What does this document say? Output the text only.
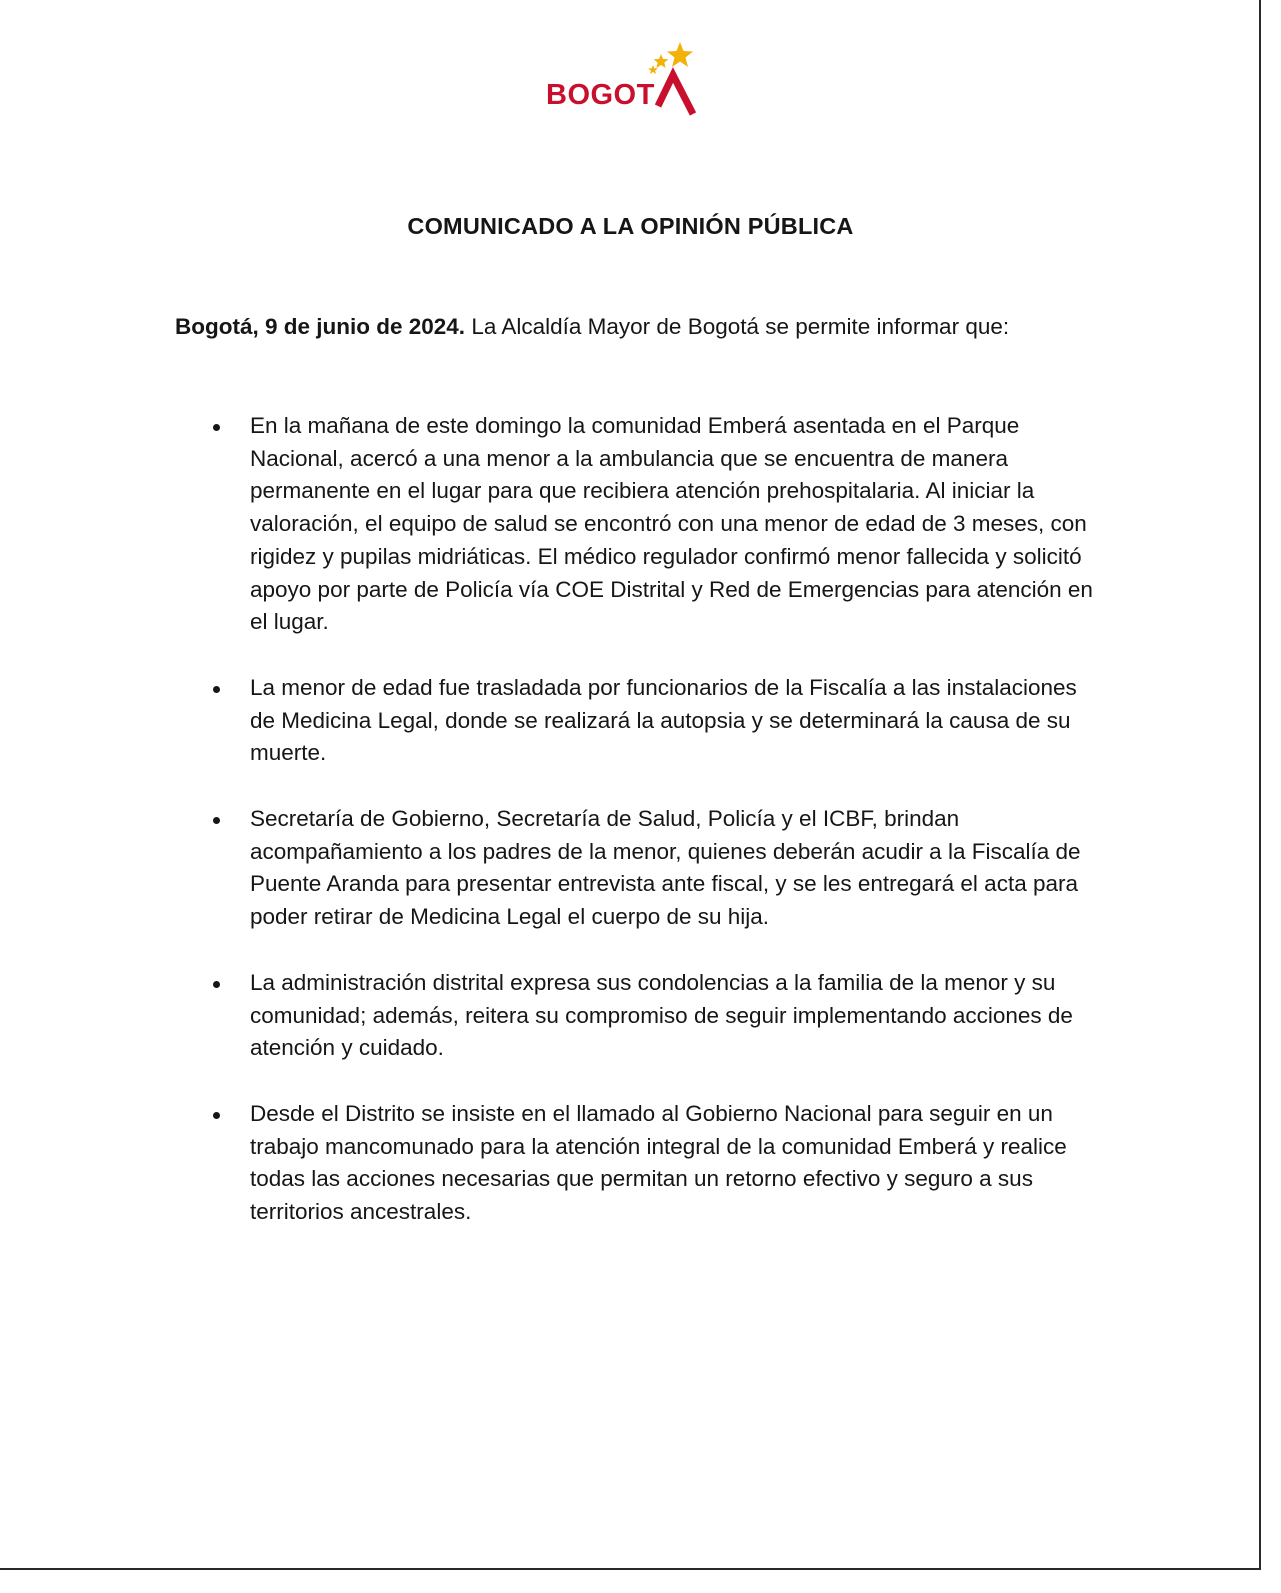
BOGOT
COMUNICADO A LA OPINIÓN PÚBLICA

Bogotá, 9 de junio de 2024. La Alcaldía Mayor de Bogotá se permite informar que:

En la mañana de este domingo la comunidad Emberá asentada en el Parque Nacional, acercó a una menor a la ambulancia que se encuentra de manera permanente en el lugar para que recibiera atención prehospitalaria. Al iniciar la valoración, el equipo de salud se encontró con una menor de edad de 3 meses, con rigidez y pupilas midriáticas. El médico regulador confirmó menor fallecida y solicitó apoyo por parte de Policía vía COE Distrital y Red de Emergencias para atención en el lugar.
La menor de edad fue trasladada por funcionarios de la Fiscalía a las instalaciones de Medicina Legal, donde se realizará la autopsia y se determinará la causa de su muerte.
Secretaría de Gobierno, Secretaría de Salud, Policía y el ICBF, brindan acompañamiento a los padres de la menor, quienes deberán acudir a la Fiscalía de Puente Aranda para presentar entrevista ante fiscal, y se les entregará el acta para poder retirar de Medicina Legal el cuerpo de su hija.
La administración distrital expresa sus condolencias a la familia de la menor y su comunidad; además, reitera su compromiso de seguir implementando acciones de atención y cuidado.
Desde el Distrito se insiste en el llamado al Gobierno Nacional para seguir en un trabajo mancomunado para la atención integral de la comunidad Emberá y realice todas las acciones necesarias que permitan un retorno efectivo y seguro a sus territorios ancestrales.
